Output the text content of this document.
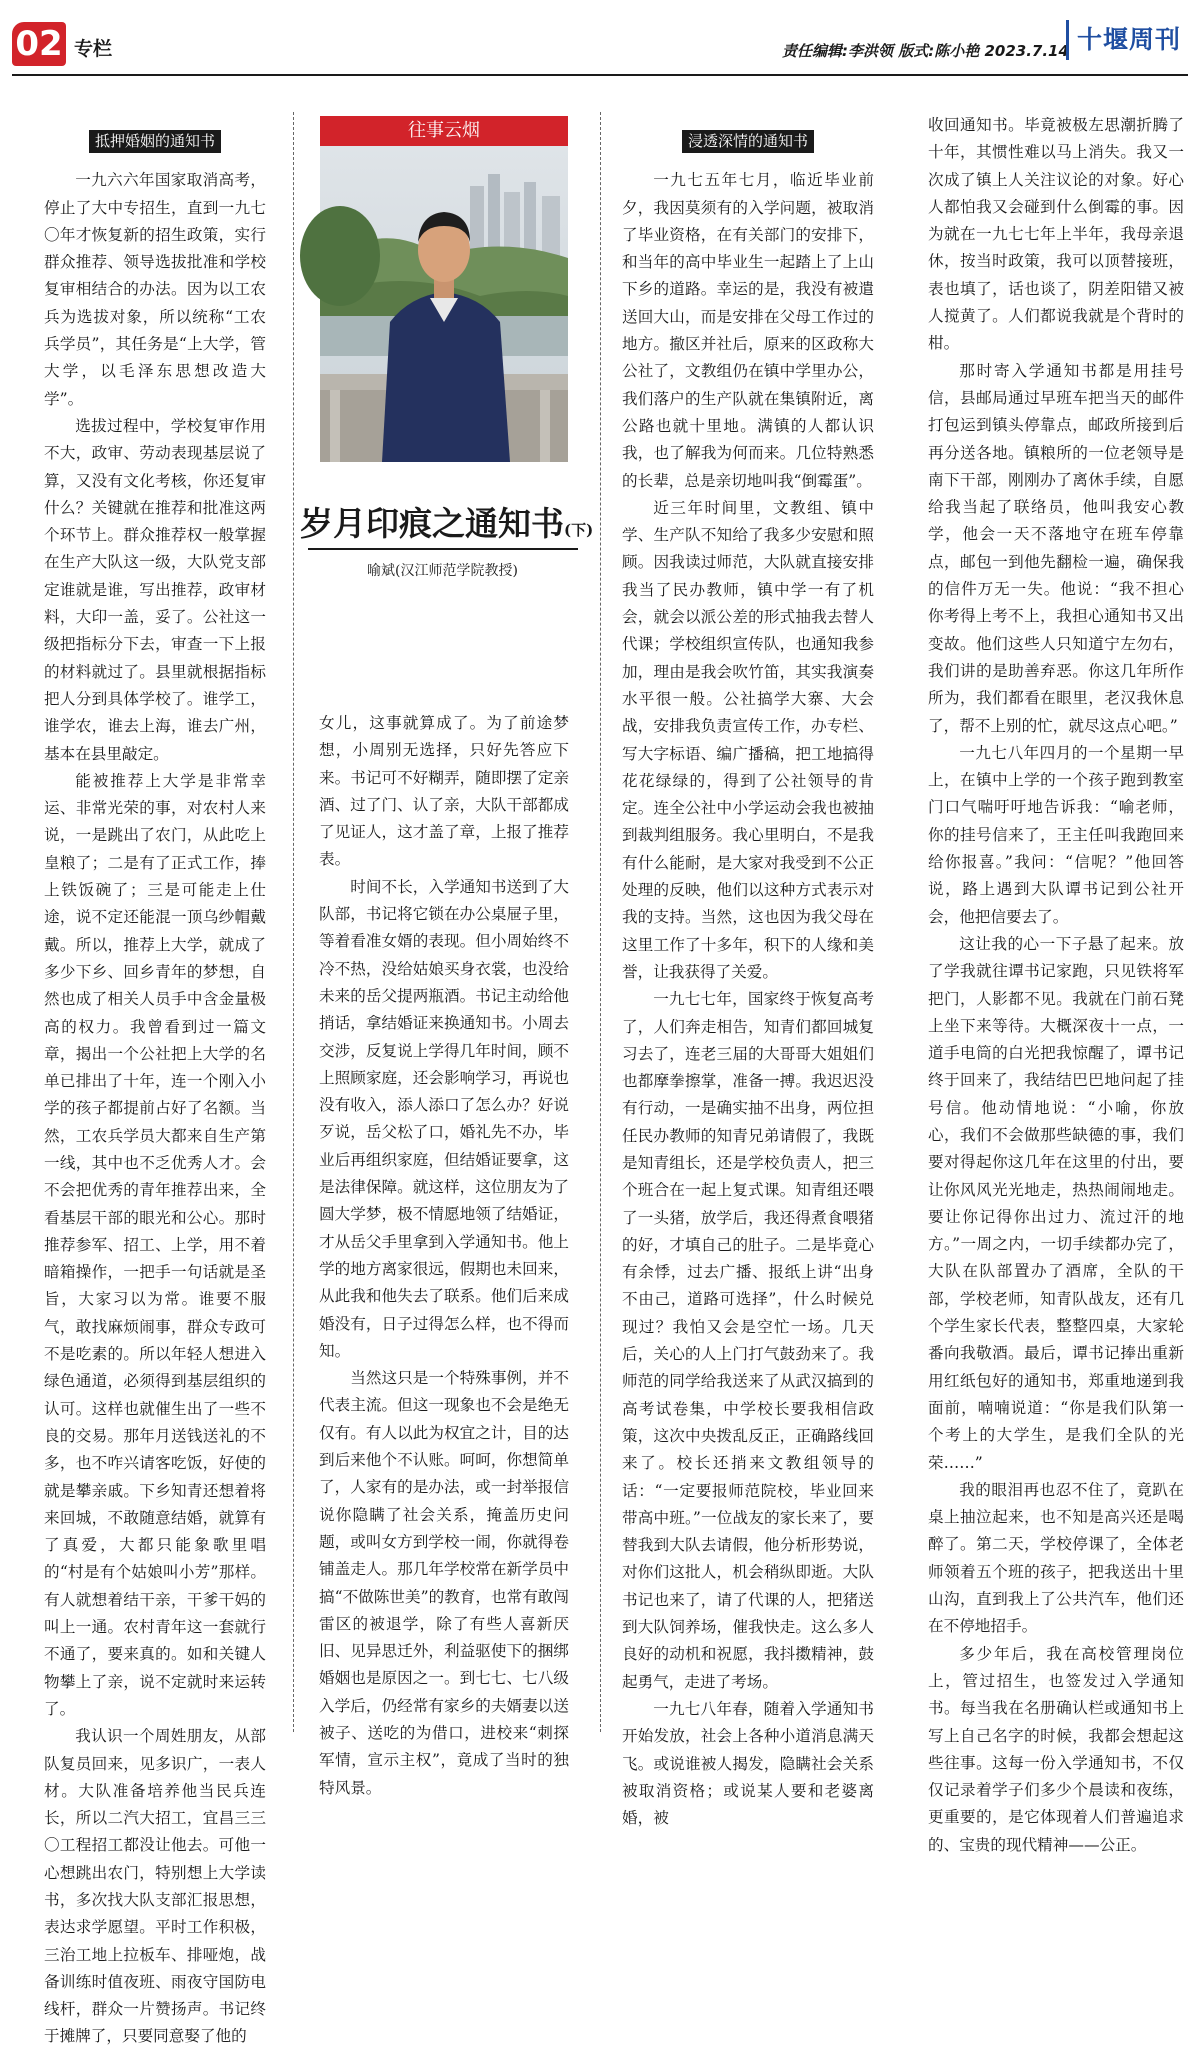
02 专栏	责任编辑:李洪领 版式:陈小艳 2023.7.14 十堰周刊
抵押婚姻的通知书

一九六六年国家取消高考，停止了大中专招生，直到一九七〇年才恢复新的招生政策，实行群众推荐、领导选拔批准和学校复审相结合的办法。因为以工农兵为选拔对象，所以统称“工农兵学员”，其任务是“上大学，管大学，以毛泽东思想改造大学”。

选拔过程中，学校复审作用不大，政审、劳动表现基层说了算，又没有文化考核，你还复审什么？关键就在推荐和批准这两个环节上。群众推荐权一般掌握在生产大队这一级，大队党支部定谁就是谁，写出推荐，政审材料，大印一盖，妥了。公社这一级把指标分下去，审查一下上报的材料就过了。县里就根据指标把人分到具体学校了。谁学工，谁学农，谁去上海，谁去广州，基本在县里敲定。

能被推荐上大学是非常幸运、非常光荣的事，对农村人来说，一是跳出了农门，从此吃上皇粮了；二是有了正式工作，捧上铁饭碗了；三是可能走上仕途，说不定还能混一顶乌纱帽戴戴。所以，推荐上大学，就成了多少下乡、回乡青年的梦想，自然也成了相关人员手中含金量极高的权力。我曾看到过一篇文章，揭出一个公社把上大学的名单已排出了十年，连一个刚入小学的孩子都提前占好了名额。当然，工农兵学员大都来自生产第一线，其中也不乏优秀人才。会不会把优秀的青年推荐出来，全看基层干部的眼光和公心。那时推荐参军、招工、上学，用不着暗箱操作，一把手一句话就是圣旨，大家习以为常。谁要不服气，敢找麻烦闹事，群众专政可不是吃素的。所以年轻人想进入绿色通道，必须得到基层组织的认可。这样也就催生出了一些不良的交易。那年月送钱送礼的不多，也不咋兴请客吃饭，好使的就是攀亲戚。下乡知青还想着将来回城，不敢随意结婚，就算有了真爱，大都只能象歌里唱的“村是有个姑娘叫小芳”那样。有人就想着结干亲，干爹干妈的叫上一通。农村青年这一套就行不通了，要来真的。如和关键人物攀上了亲，说不定就时来运转了。

我认识一个周姓朋友，从部队复员回来，见多识广，一表人材。大队准备培养他当民兵连长，所以二汽大招工，宜昌三三〇工程招工都没让他去。可他一心想跳出农门，特别想上大学读书，多次找大队支部汇报思想，表达求学愿望。平时工作积极，三治工地上拉板车、排哑炮，战备训练时值夜班、雨夜守国防电线杆，群众一片赞扬声。书记终于摊牌了，只要同意娶了他的

往事云烟
岁月印痕之通知书(下)
喻斌(汉江师范学院教授)

女儿，这事就算成了。为了前途梦想，小周别无选择，只好先答应下来。书记可不好糊弄，随即摆了定亲酒、过了门、认了亲，大队干部都成了见证人，这才盖了章，上报了推荐表。

时间不长，入学通知书送到了大队部，书记将它锁在办公桌屉子里，等着看准女婿的表现。但小周始终不冷不热，没给姑娘买身衣裳，也没给未来的岳父提两瓶酒。书记主动给他捎话，拿结婚证来换通知书。小周去交涉，反复说上学得几年时间，顾不上照顾家庭，还会影响学习，再说也没有收入，添人添口了怎么办？好说歹说，岳父松了口，婚礼先不办，毕业后再组织家庭，但结婚证要拿，这是法律保障。就这样，这位朋友为了圆大学梦，极不情愿地领了结婚证，才从岳父手里拿到入学通知书。他上学的地方离家很远，假期也未回来，从此我和他失去了联系。他们后来成婚没有，日子过得怎么样，也不得而知。

当然这只是一个特殊事例，并不代表主流。但这一现象也不会是绝无仅有。有人以此为权宜之计，目的达到后来他个不认账。呵呵，你想简单了，人家有的是办法，或一封举报信说你隐瞒了社会关系，掩盖历史问题，或叫女方到学校一闹，你就得卷铺盖走人。那几年学校常在新学员中搞“不做陈世美”的教育，也常有敢闯雷区的被退学，除了有些人喜新厌旧、见异思迁外，利益驱使下的捆绑婚姻也是原因之一。到七七、七八级入学后，仍经常有家乡的夫婿妻以送被子、送吃的为借口，进校来“刺探军情，宣示主权”，竟成了当时的独特风景。

浸透深情的通知书

一九七五年七月，临近毕业前夕，我因莫须有的入学问题，被取消了毕业资格，在有关部门的安排下，和当年的高中毕业生一起踏上了上山下乡的道路。幸运的是，我没有被遣送回大山，而是安排在父母工作过的地方。撤区并社后，原来的区政称大公社了，文教组仍在镇中学里办公，我们落户的生产队就在集镇附近，离公路也就十里地。满镇的人都认识我，也了解我为何而来。几位特熟悉的长辈，总是亲切地叫我“倒霉蛋”。

近三年时间里，文教组、镇中学、生产队不知给了我多少安慰和照顾。因我读过师范，大队就直接安排我当了民办教师，镇中学一有了机会，就会以派公差的形式抽我去替人代课；学校组织宣传队，也通知我参加，理由是我会吹竹笛，其实我演奏水平很一般。公社搞学大寨、大会战，安排我负责宣传工作，办专栏、写大字标语、编广播稿，把工地搞得花花绿绿的，得到了公社领导的肯定。连全公社中小学运动会我也被抽到裁判组服务。我心里明白，不是我有什么能耐，是大家对我受到不公正处理的反映，他们以这种方式表示对我的支持。当然，这也因为我父母在这里工作了十多年，积下的人缘和美誉，让我获得了关爱。

一九七七年，国家终于恢复高考了，人们奔走相告，知青们都回城复习去了，连老三届的大哥哥大姐姐们也都摩拳擦掌，准备一搏。我迟迟没有行动，一是确实抽不出身，两位担任民办教师的知青兄弟请假了，我既是知青组长，还是学校负责人，把三个班合在一起上复式课。知青组还喂了一头猪，放学后，我还得煮食喂猪的好，才填自己的肚子。二是毕竟心有余悸，过去广播、报纸上讲“出身不由己，道路可选择”，什么时候兑现过？我怕又会是空忙一场。几天后，关心的人上门打气鼓劲来了。我师范的同学给我送来了从武汉搞到的高考试卷集，中学校长要我相信政策，这次中央拨乱反正，正确路线回来了。校长还捎来文教组领导的话：“一定要报师范院校，毕业回来带高中班。”一位战友的家长来了，要替我到大队去请假，他分析形势说，对你们这批人，机会稍纵即逝。大队书记也来了，请了代课的人，把猪送到大队饲养场，催我快走。这么多人良好的动机和祝愿，我抖擞精神，鼓起勇气，走进了考场。

一九七八年春，随着入学通知书开始发放，社会上各种小道消息满天飞。或说谁被人揭发，隐瞒社会关系被取消资格；或说某人要和老婆离婚，被

收回通知书。毕竟被极左思潮折腾了十年，其惯性难以马上消失。我又一次成了镇上人关注议论的对象。好心人都怕我又会碰到什么倒霉的事。因为就在一九七七年上半年，我母亲退休，按当时政策，我可以顶替接班，表也填了，话也谈了，阴差阳错又被人搅黄了。人们都说我就是个背时的柑。

那时寄入学通知书都是用挂号信，县邮局通过早班车把当天的邮件打包运到镇头停靠点，邮政所接到后再分送各地。镇粮所的一位老领导是南下干部，刚刚办了离休手续，自愿给我当起了联络员，他叫我安心教学，他会一天不落地守在班车停靠点，邮包一到他先翻检一遍，确保我的信件万无一失。他说：“我不担心你考得上考不上，我担心通知书又出变故。他们这些人只知道宁左勿右，我们讲的是助善弃恶。你这几年所作所为，我们都看在眼里，老汉我休息了，帮不上别的忙，就尽这点心吧。”

一九七八年四月的一个星期一早上，在镇中上学的一个孩子跑到教室门口气喘吁吁地告诉我：“喻老师，你的挂号信来了，王主任叫我跑回来给你报喜。”我问：“信呢？”他回答说，路上遇到大队谭书记到公社开会，他把信要去了。

这让我的心一下子悬了起来。放了学我就往谭书记家跑，只见铁将军把门，人影都不见。我就在门前石凳上坐下来等待。大概深夜十一点，一道手电筒的白光把我惊醒了，谭书记终于回来了，我结结巴巴地问起了挂号信。他动情地说：“小喻，你放心，我们不会做那些缺德的事，我们要对得起你这几年在这里的付出，要让你风风光光地走，热热闹闹地走。要让你记得你出过力、流过汗的地方。”一周之内，一切手续都办完了，大队在队部置办了酒席，全队的干部，学校老师，知青队战友，还有几个学生家长代表，整整四桌，大家轮番向我敬酒。最后，谭书记捧出重新用红纸包好的通知书，郑重地递到我面前，喃喃说道：“你是我们队第一个考上的大学生，是我们全队的光荣……”

我的眼泪再也忍不住了，竟趴在桌上抽泣起来，也不知是高兴还是喝醉了。第二天，学校停课了，全体老师领着五个班的孩子，把我送出十里山沟，直到我上了公共汽车，他们还在不停地招手。

多少年后，我在高校管理岗位上，管过招生，也签发过入学通知书。每当我在名册确认栏或通知书上写上自己名字的时候，我都会想起这些往事。这每一份入学通知书，不仅仅记录着学子们多少个晨读和夜练，更重要的，是它体现着人们普遍追求的、宝贵的现代精神——公正。
